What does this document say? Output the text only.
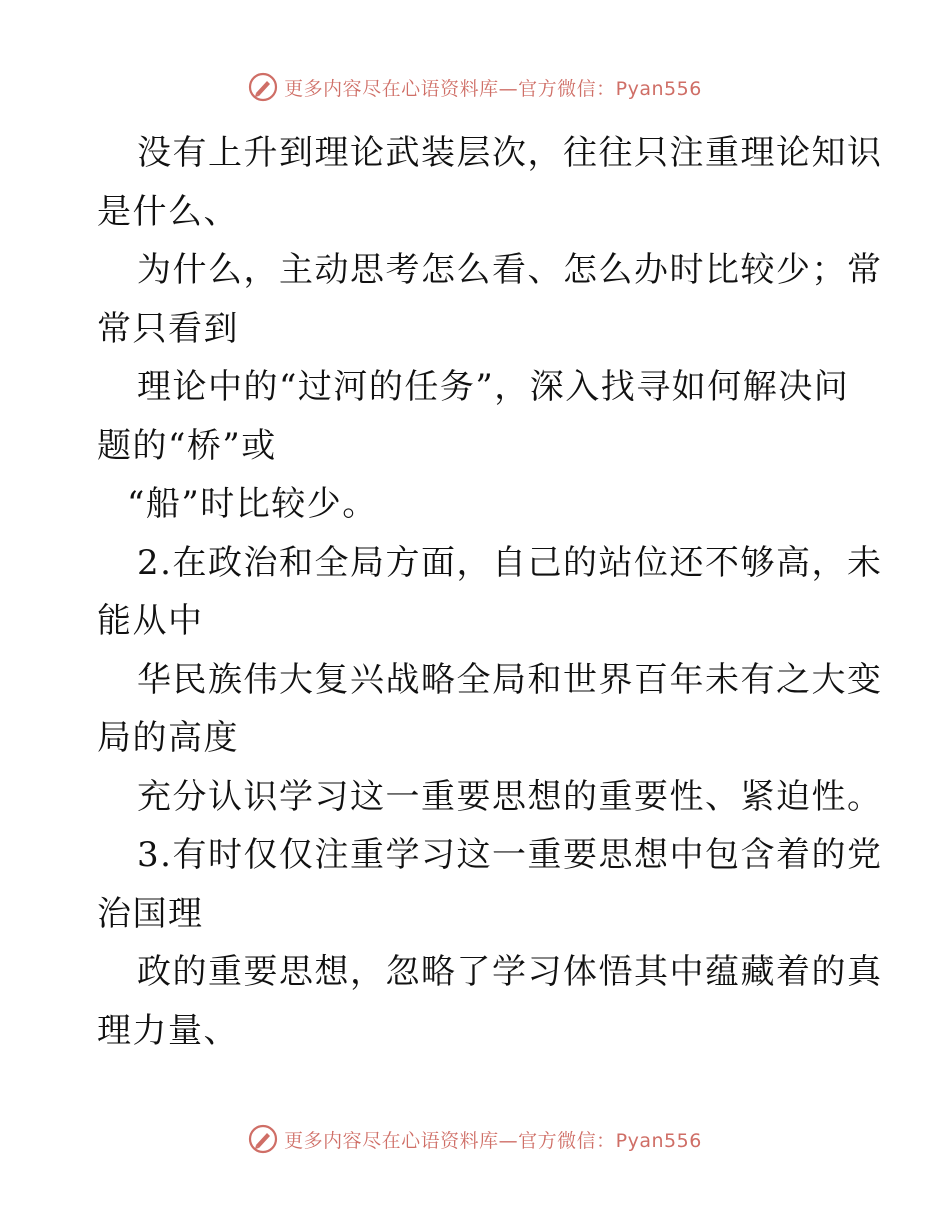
更多内容尽在心语资料库—官方微信：Pyan556
没有上升到理论武装层次，往往只注重理论知识
是什么、
为什么，主动思考怎么看、怎么办时比较少；常
常只看到
理论中的“过河的任务”，深入找寻如何解决问
题的“桥”或
“船”时比较少。
2.在政治和全局方面，自己的站位还不够高，未
能从中
华民族伟大复兴战略全局和世界百年未有之大变
局的高度
充分认识学习这一重要思想的重要性、紧迫性。
3.有时仅仅注重学习这一重要思想中包含着的党
治国理
政的重要思想，忽略了学习体悟其中蕴藏着的真
理力量、
更多内容尽在心语资料库—官方微信：Pyan556
